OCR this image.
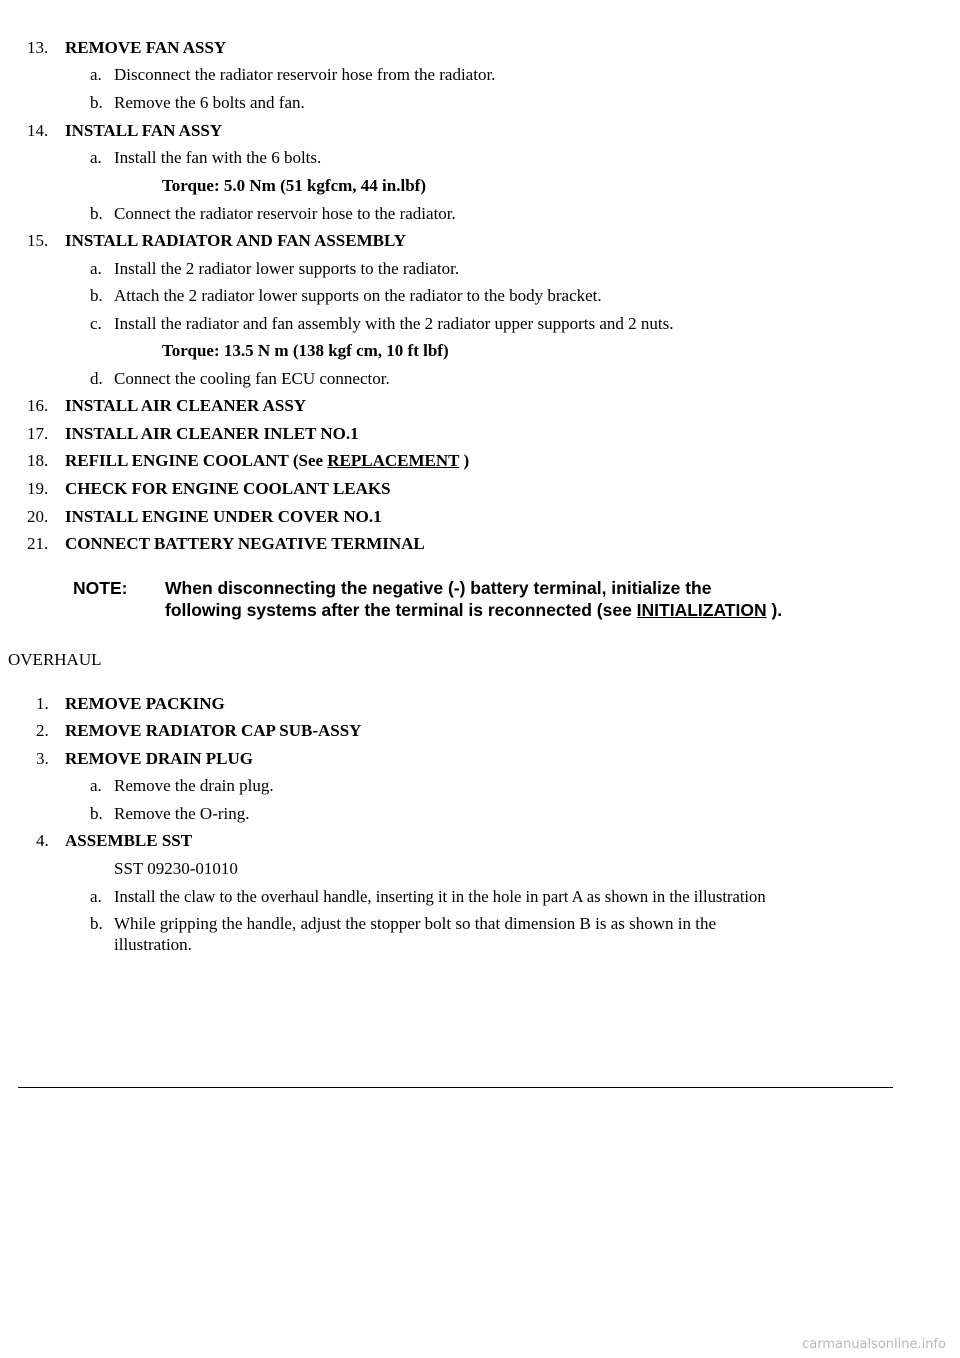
13. REMOVE FAN ASSY
a. Disconnect the radiator reservoir hose from the radiator.
b. Remove the 6 bolts and fan.
14. INSTALL FAN ASSY
a. Install the fan with the 6 bolts.
Torque: 5.0 Nm (51 kgfcm, 44 in.lbf)
b. Connect the radiator reservoir hose to the radiator.
15. INSTALL RADIATOR AND FAN ASSEMBLY
a. Install the 2 radiator lower supports to the radiator.
b. Attach the 2 radiator lower supports on the radiator to the body bracket.
c. Install the radiator and fan assembly with the 2 radiator upper supports and 2 nuts.
Torque: 13.5 N m (138 kgf cm, 10 ft lbf)
d. Connect the cooling fan ECU connector.
16. INSTALL AIR CLEANER ASSY
17. INSTALL AIR CLEANER INLET NO.1
18. REFILL ENGINE COOLANT (See REPLACEMENT )
19. CHECK FOR ENGINE COOLANT LEAKS
20. INSTALL ENGINE UNDER COVER NO.1
21. CONNECT BATTERY NEGATIVE TERMINAL
NOTE: When disconnecting the negative (-) battery terminal, initialize the
following systems after the terminal is reconnected (see INITIALIZATION ).
OVERHAUL
1. REMOVE PACKING
2. REMOVE RADIATOR CAP SUB-ASSY
3. REMOVE DRAIN PLUG
a. Remove the drain plug.
b. Remove the O-ring.
4. ASSEMBLE SST
SST 09230-01010
a. Install the claw to the overhaul handle, inserting it in the hole in part A as shown in the illustration
b. While gripping the handle, adjust the stopper bolt so that dimension B is as shown in the
illustration.
carmanualsonline.info
